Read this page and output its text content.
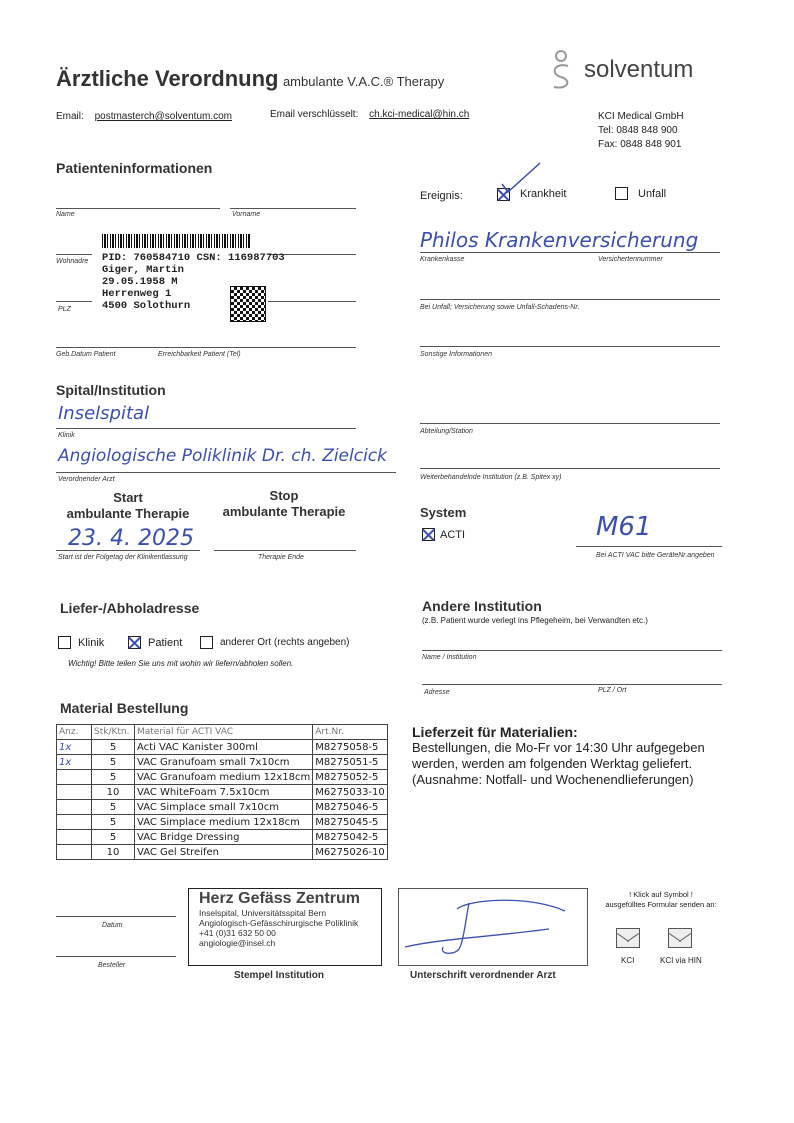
Ärztliche Verordnung ambulante V.A.C.® Therapy	solventum
Email: postmasterch@solventum.com	Email verschlüsselt: ch.kci-medical@hin.ch	KCI Medical GmbH
Tel: 0848 848 900
Fax: 0848 848 901
Patienteninformationen
Name	Vorname
Wohnadre
PLZ
Geb.Datum Patient	Erreichbarkeit Patient (Tel)
PID: 760584710 CSN: 116987703
Giger, Martin
29.05.1958 M
Herrenweg 1
4500 Solothurn
Ereignis:	Krankheit	Unfall
Philos Krankenversicherung
Krankenkasse	Versichertennummer
Bei Unfall; Versicherung sowie Unfall-Schadens-Nr.
Sonstige Informationen
Spital/Institution
Inselspital
Klinik
Angiologische Poliklinik Dr. ch. Zielcick
Verordnender Arzt
Abteilung/Station
Weiterbehandelnde Institution (z.B. Spitex xy)
Start
ambulante Therapie
Stop
ambulante Therapie
23. 4. 2025
Start ist der Folgetag der Klinikentlassung	Therapie Ende
System
ACTI	M61
Bei ACTI VAC bitte GeräteNr.angeben
Liefer-/Abholadresse
Klinik	Patient	anderer Ort (rechts angeben)
Wichtig! Bitte teilen Sie uns mit wohin wir liefern/abholen sollen.
Andere Institution
(z.B. Patient wurde verlegt ins Pflegeheim, bei Verwandten etc.)
Name / Institution
Adresse	PLZ / Ort
Material Bestellung
Anz.	Stk/Ktn.	Material für ACTI VAC	Art.Nr.
1x	5	Acti VAC Kanister 300ml	M8275058-5
1x	5	VAC Granufoam small 7x10cm	M8275051-5
	5	VAC Granufoam medium 12x18cm	M8275052-5
	10	VAC WhiteFoam 7.5x10cm	M6275033-10
	5	VAC Simplace small 7x10cm	M8275046-5
	5	VAC Simplace medium 12x18cm	M8275045-5
	5	VAC Bridge Dressing	M8275042-5
	10	VAC Gel Streifen	M6275026-10
Lieferzeit für Materialien:
Bestellungen, die Mo-Fr vor 14:30 Uhr aufgegeben
werden, werden am folgenden Werktag geliefert.
(Ausnahme: Notfall- und Wochenendlieferungen)
Datum
Besteller
Herz Gefäss Zentrum
Inselspital, Universitätsspital Bern
Angiologisch-Gefässchirurgische Poliklinik
+41 (0)31 632 50 00
angiologie@insel.ch
Stempel Institution	Unterschrift verordnender Arzt
! Klick auf Symbol !
ausgefülltes Formular senden an:
KCI	KCI via HIN
